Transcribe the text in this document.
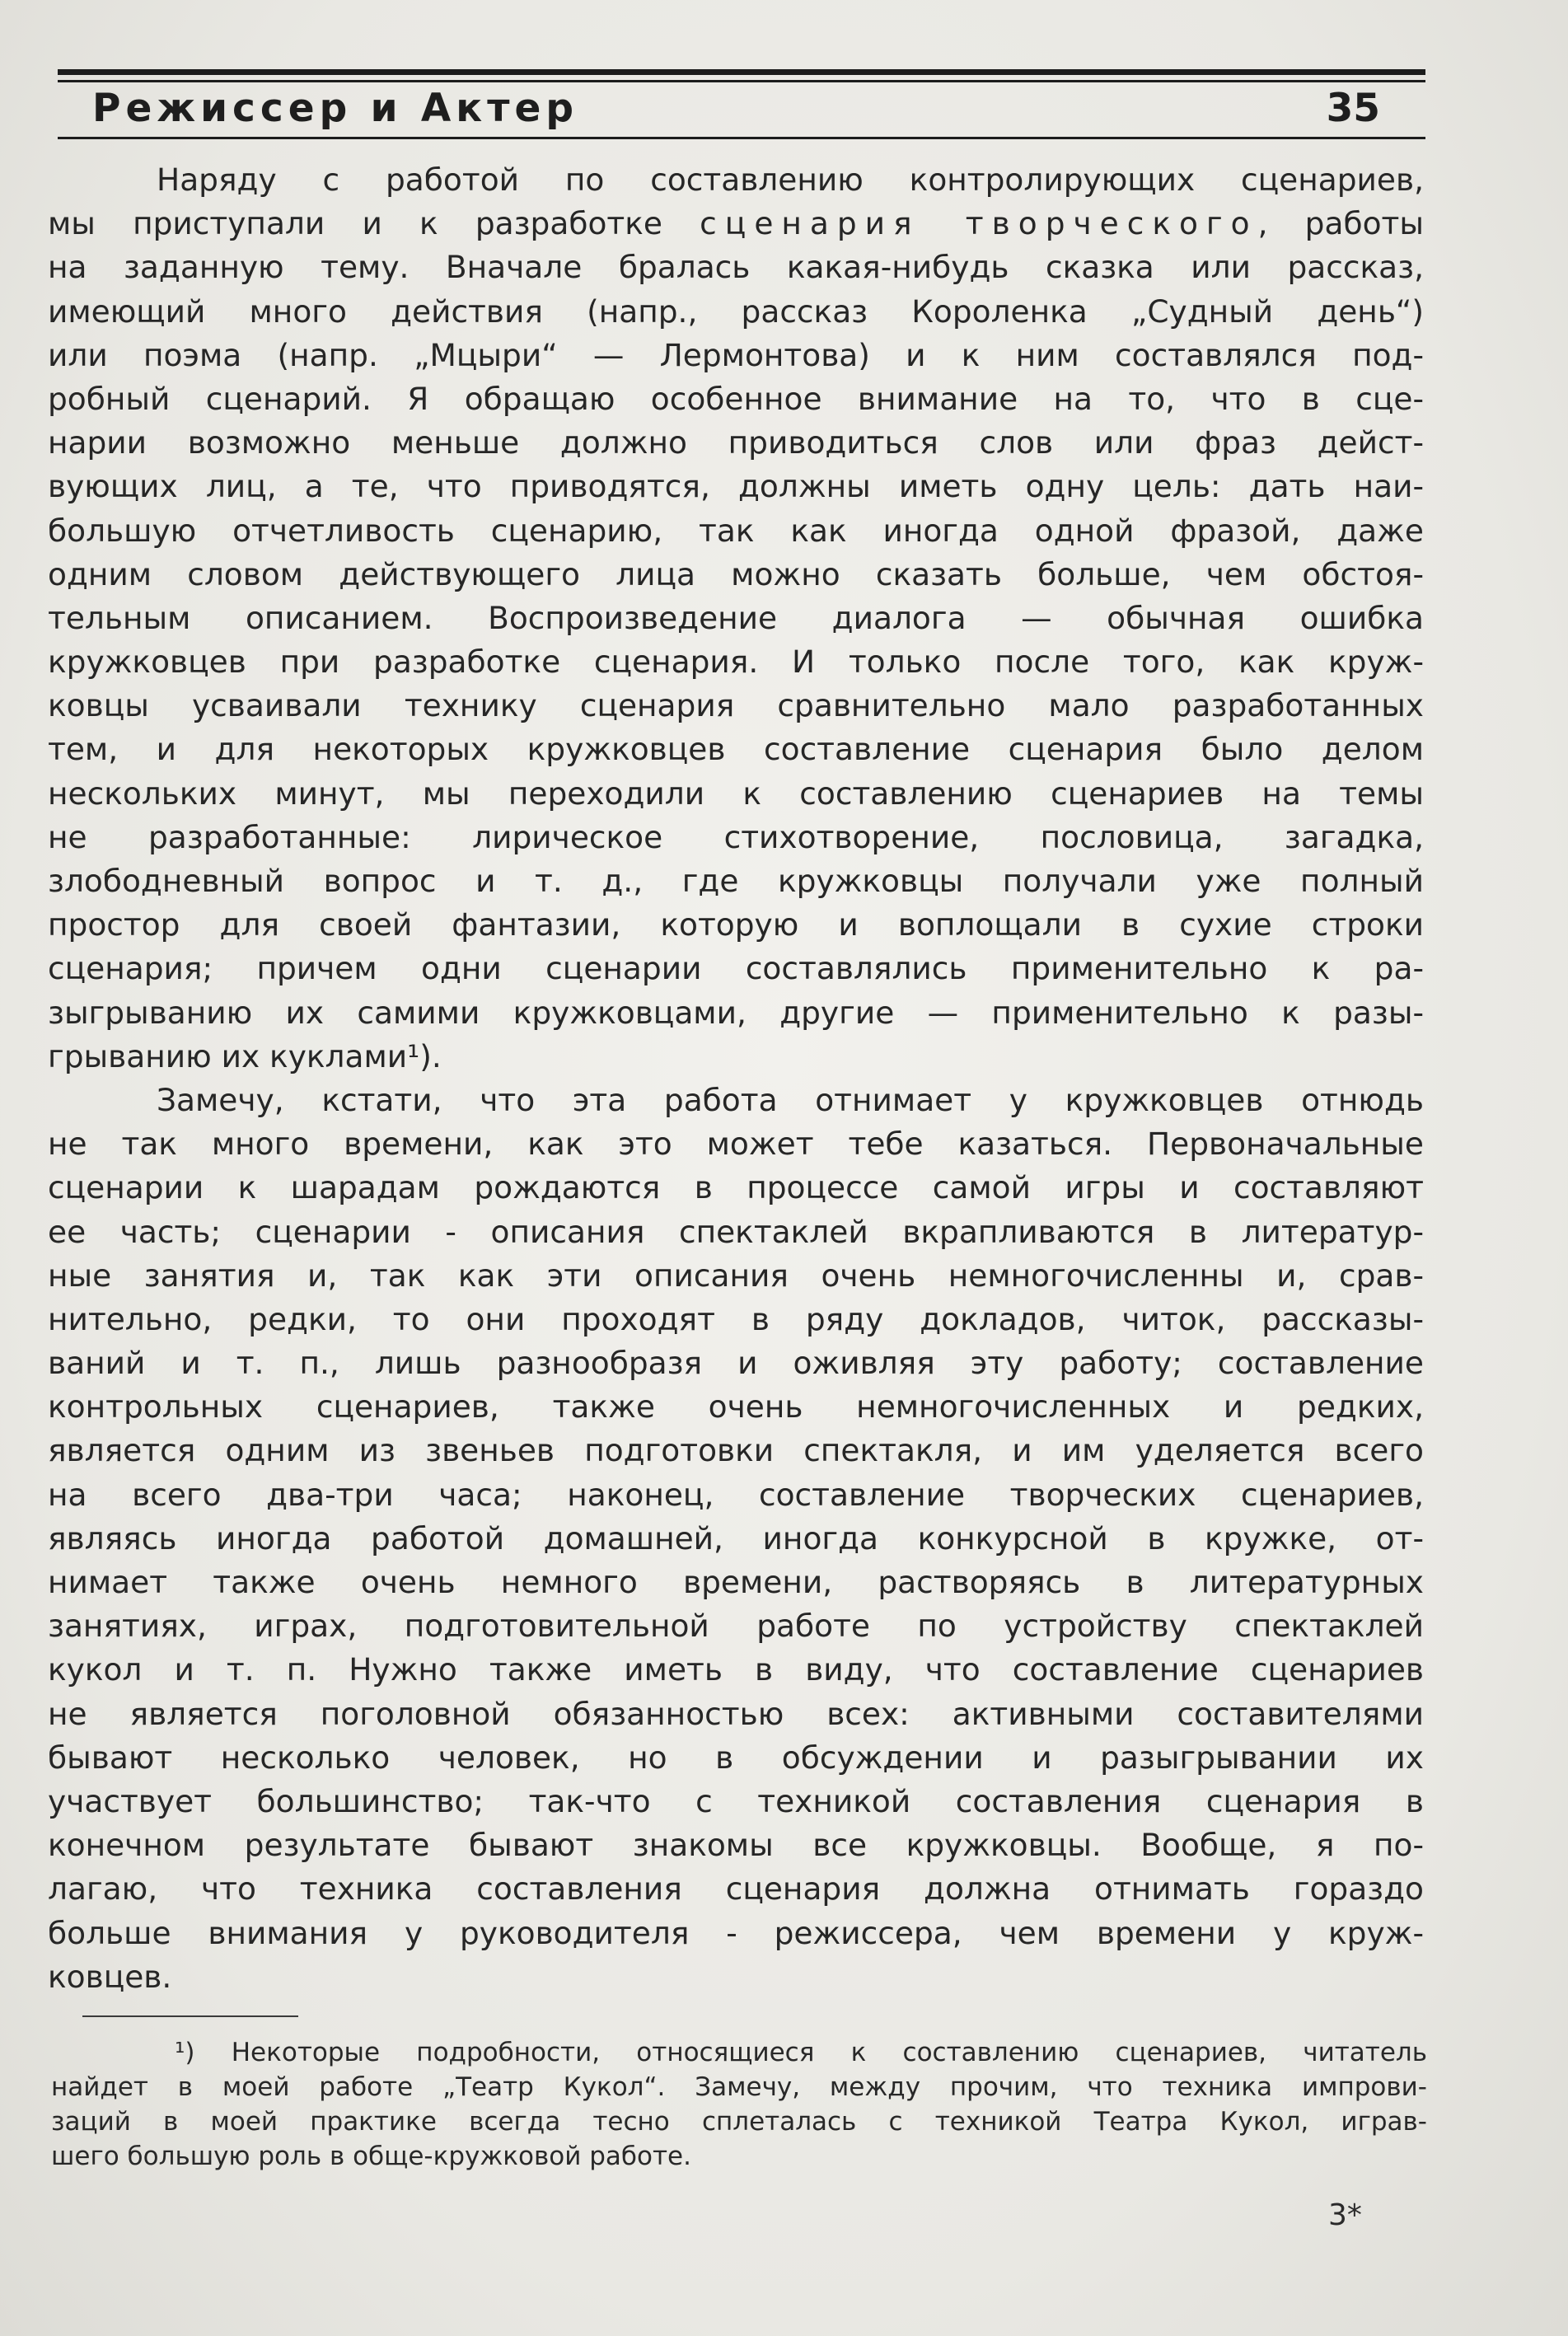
Режиссер и Актер	35
Наряду с работой по составлению контролирующих сценариев,
мы приступали и к разработке сценария творческого, работы
на заданную тему. Вначале бралась какая-нибудь сказка или рассказ,
имеющий много действия (напр., рассказ Короленка „Судный день“)
или поэма (напр. „Мцыри“ — Лермонтова) и к ним составлялся под-
робный сценарий. Я обращаю особенное внимание на то, что в сце-
нарии возможно меньше должно приводиться слов или фраз дейст-
вующих лиц, а те, что приводятся, должны иметь одну цель: дать наи-
большую отчетливость сценарию, так как иногда одной фразой, даже
одним словом действующего лица можно сказать больше, чем обстоя-
тельным описанием. Воспроизведение диалога — обычная ошибка
кружковцев при разработке сценария. И только после того, как круж-
ковцы усваивали технику сценария сравнительно мало разработанных
тем, и для некоторых кружковцев составление сценария было делом
нескольких минут, мы переходили к составлению сценариев на темы
не разработанные: лирическое стихотворение, пословица, загадка,
злободневный вопрос и т. д., где кружковцы получали уже полный
простор для своей фантазии, которую и воплощали в сухие строки
сценария; причем одни сценарии составлялись применительно к ра-
зыгрыванию их самими кружковцами, другие — применительно к разы-
грыванию их куклами¹).
Замечу, кстати, что эта работа отнимает у кружковцев отнюдь
не так много времени, как это может тебе казаться. Первоначальные
сценарии к шарадам рождаются в процессе самой игры и составляют
ее часть; сценарии - описания спектаклей вкрапливаются в литератур-
ные занятия и, так как эти описания очень немногочисленны и, срав-
нительно, редки, то они проходят в ряду докладов, читок, рассказы-
ваний и т. п., лишь разнообразя и оживляя эту работу; составление
контрольных сценариев, также очень немногочисленных и редких,
является одним из звеньев подготовки спектакля, и им уделяется всего
на всего два-три часа; наконец, составление творческих сценариев,
являясь иногда работой домашней, иногда конкурсной в кружке, от-
нимает также очень немного времени, растворяясь в литературных
занятиях, играх, подготовительной работе по устройству спектаклей
кукол и т. п. Нужно также иметь в виду, что составление сценариев
не является поголовной обязанностью всех: активными составителями
бывают несколько человек, но в обсуждении и разыгрывании их
участвует большинство; так-что с техникой составления сценария в
конечном результате бывают знакомы все кружковцы. Вообще, я по-
лагаю, что техника составления сценария должна отнимать гораздо
больше внимания у руководителя - режиссера, чем времени у круж-
ковцев.
¹) Некоторые подробности, относящиеся к составлению сценариев, читатель
найдет в моей работе „Театр Кукол“. Замечу, между прочим, что техника импрови-
заций в моей практике всегда тесно сплеталась с техникой Театра Кукол, играв-
шего большую роль в обще-кружковой работе.
3*
